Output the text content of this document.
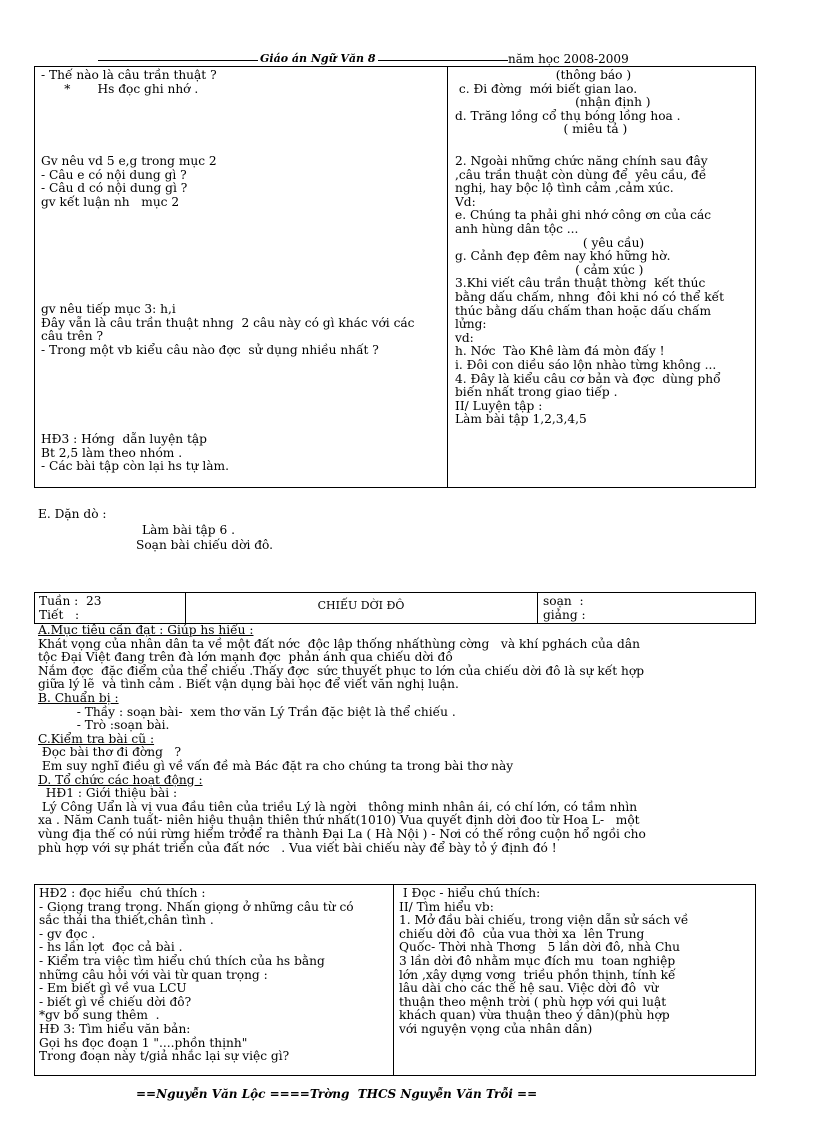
Giáo án Ngữ Văn 8	năm học 2008-2009
- Thế nào là câu trần thuật ?
*       Hs đọc ghi nhớ .
Gv nêu vd 5 e,g trong mục 2
- Câu e có nội dung gì ?
- Câu d có nội dung gì ?
gv kết luận nh   mục 2
gv nêu tiếp mục 3: h,i
Đây vẫn là câu trần thuật nhng  2 câu này có gì khác với các
câu trên ?
- Trong một vb kiểu câu nào đợc  sử dụng nhiều nhất ?
HĐ3 : Hớng  dẫn luyện tập
Bt 2,5 làm theo nhóm .
- Các bài tập còn lại hs tự làm.
(thông báo )
c. Đi đờng  mới biết gian lao.
(nhận định )
d. Trăng lồng cổ thụ bóng lồng hoa .
( miêu tả )
2. Ngoài những chức năng chính sau đây
,câu trần thuật còn dùng để  yêu cầu, đề
nghị, hay bộc lộ tình cảm ,cảm xúc.
Vd:
e. Chúng ta phải ghi nhớ công ơn của các
anh hùng dân tộc ...
( yêu cầu)
g. Cảnh đẹp đêm nay khó hững hờ.
( cảm xúc )
3.Khi viết câu trần thuật thờng  kết thúc
bằng dấu chấm, nhng  đôi khi nó có thể kết
thúc bằng dấu chấm than hoặc dấu chấm
lửng:
vd:
h. Nớc  Tào Khê làm đá mòn đấy !
i. Đôi con diều sáo lộn nhào từng không ...
4. Đây là kiểu câu cơ bản và đợc  dùng phổ
biến nhất trong giao tiếp .
II/ Luyện tập :
Làm bài tập 1,2,3,4,5
E. Dặn dò :
Làm bài tập 6 .
Soạn bài chiếu dời đô.
Tuần :  23
Tiết   :
CHIẾU DỜI ĐÔ	soạn  :
giảng :
A.Mục tiêu cần đạt : Giúp hs hiểu :
Khát vọng của nhân dân ta về một đất nớc  độc lập thống nhấthùng cờng   và khí pghách của dân
tộc Đại Việt đang trên đà lớn mạnh đợc  phản ánh qua chiếu dời đô
Nắm đợc  đặc điểm của thể chiếu .Thấy đợc  sức thuyết phục to lớn của chiếu dời đô là sự kết hợp
giữa lý lẽ  và tình cảm . Biết vận dụng bài học để viết văn nghị luận.
B. Chuẩn bị :
- Thầy : soạn bài-  xem thơ văn Lý Trần đặc biệt là thể chiếu .
- Trò :soạn bài.
C.Kiểm tra bài cũ :
Đọc bài thơ đi đờng   ?
Em suy nghĩ điều gì về vấn đề mà Bác đặt ra cho chúng ta trong bài thơ này
D. Tổ chức các hoạt động :
HĐ1 : Giới thiệu bài :
Lý Công Uẩn là vị vua đầu tiên của triều Lý là ngời   thông minh nhân ái, có chí lớn, có tầm nhìn
xa . Năm Canh tuất- niên hiệu thuận thiên thứ nhất(1010) Vua quyết định dời đoo từ Hoa L-   một
vùng địa thế có núi rừng hiểm trởđể ra thành Đại La ( Hà Nội ) - Nơi có thế rồng cuộn hổ ngồi cho
phù hợp với sự phát triển của đất nớc   . Vua viết bài chiếu này để bày tỏ ý định đó !
HĐ2 : đọc hiểu  chú thích :
- Giọng trang trọng. Nhấn giọng ở những câu từ có
sắc thái tha thiết,chân tình .
- gv đọc .
- hs lần lợt  đọc cả bài .
- Kiểm tra việc tìm hiểu chú thích của hs bằng
những câu hỏi với vài từ quan trọng :
- Em biết gì về vua LCU
- biết gì về chiếu dời đô?
*gv bổ sung thêm  .
HĐ 3: Tìm hiểu văn bản:
Gọi hs đọc đoạn 1 "....phồn thịnh"
Trong đoạn này t/giả nhắc lại sự việc gì?
I Đọc - hiểu chú thích:
II/ Tìm hiểu vb:
1. Mở đầu bài chiếu, trong viện dẫn sử sách về
chiếu dời đô  của vua thời xa  lên Trung
Quốc- Thời nhà Thơng   5 lần dời đô, nhà Chu
3 lần dời đô nhằm mục đích mu  toan nghiệp
lớn ,xây dựng vơng  triều phồn thịnh, tính kế
lâu dài cho các thế hệ sau. Việc dời đô  vừ
thuận theo mệnh trời ( phù hợp với qui luật
khách quan) vừa thuận theo ý dân)(phù hợp
với nguyện vọng của nhân dân)
==Nguyễn Văn Lộc ====Trờng  THCS Nguyễn Văn Trỗi ==
